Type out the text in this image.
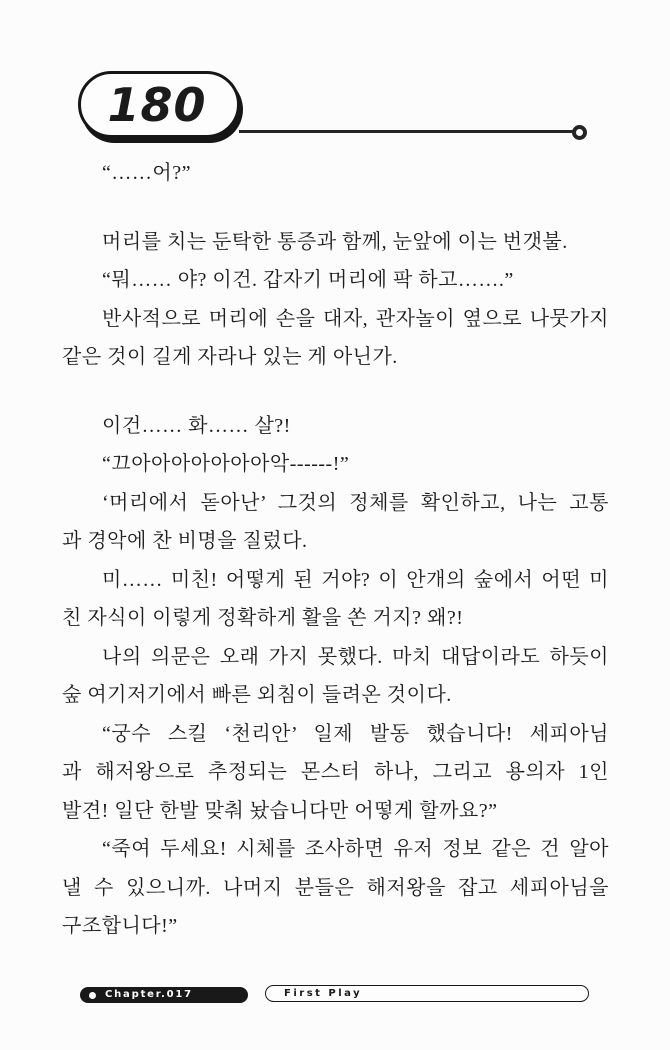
180
“……어?”
머리를 치는 둔탁한 통증과 함께, 눈앞에 이는 번갯불.
“뭐…… 야? 이건. 갑자기 머리에 팍 하고…….”
반사적으로 머리에 손을 대자, 관자놀이 옆으로 나뭇가지
같은 것이 길게 자라나 있는 게 아닌가.
이건…… 화…… 살?!
“끄아아아아아아아악------!”
‘머리에서 돋아난’ 그것의 정체를 확인하고, 나는 고통
과 경악에 찬 비명을 질렀다.
미…… 미친! 어떻게 된 거야? 이 안개의 숲에서 어떤 미
친 자식이 이렇게 정확하게 활을 쏜 거지? 왜?!
나의 의문은 오래 가지 못했다. 마치 대답이라도 하듯이
숲 여기저기에서 빠른 외침이 들려온 것이다.
“궁수 스킬 ‘천리안’ 일제 발동 했습니다! 세피아님
과 해저왕으로 추정되는 몬스터 하나, 그리고 용의자 1인
발견! 일단 한발 맞춰 놨습니다만 어떻게 할까요?”
“죽여 두세요! 시체를 조사하면 유저 정보 같은 건 알아
낼 수 있으니까. 나머지 분들은 해저왕을 잡고 세피아님을
구조합니다!”
Chapter.017	First Play
